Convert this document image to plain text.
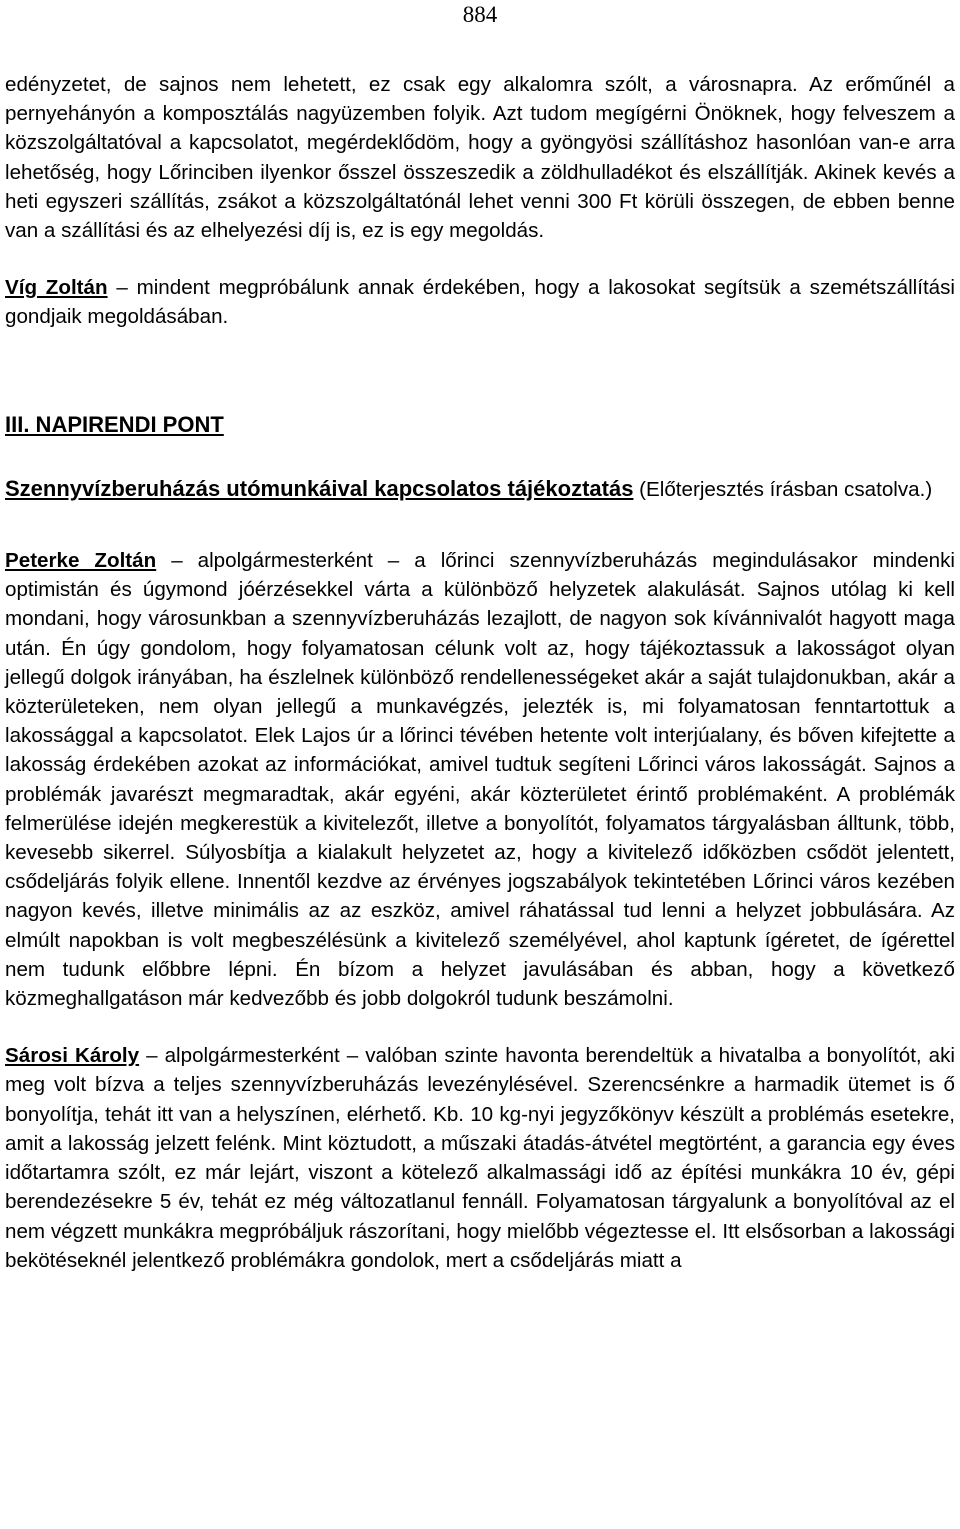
884

edényzetet, de sajnos nem lehetett, ez csak egy alkalomra szólt, a városnapra. Az erőműnél a pernyehányón a komposztálás nagyüzemben folyik. Azt tudom megígérni Önöknek, hogy felveszem a közszolgáltatóval a kapcsolatot, megérdeklődöm, hogy a gyöngyösi szállításhoz hasonlóan van-e arra lehetőség, hogy Lőrinciben ilyenkor ősszel összeszedik a zöldhulladékot és elszállítják. Akinek kevés a heti egyszeri szállítás, zsákot a közszolgáltatónál lehet venni 300 Ft körüli összegen, de ebben benne van a szállítási és az elhelyezési díj is, ez is egy megoldás.

Víg Zoltán – mindent megpróbálunk annak érdekében, hogy a lakosokat segítsük a szemétszállítási gondjaik megoldásában.

III. NAPIRENDI PONT

Szennyvízberuházás utómunkáival kapcsolatos tájékoztatás (Előterjesztés írásban csatolva.)

Peterke Zoltán – alpolgármesterként – a lőrinci szennyvízberuházás megindulásakor mindenki optimistán és úgymond jóérzésekkel várta a különböző helyzetek alakulását. Sajnos utólag ki kell mondani, hogy városunkban a szennyvízberuházás lezajlott, de nagyon sok kívánnivalót hagyott maga után. Én úgy gondolom, hogy folyamatosan célunk volt az, hogy tájékoztassuk a lakosságot olyan jellegű dolgok irányában, ha észlelnek különböző rendellenességeket akár a saját tulajdonukban, akár a közterületeken, nem olyan jellegű a munkavégzés, jelezték is, mi folyamatosan fenntartottuk a lakossággal a kapcsolatot. Elek Lajos úr a lőrinci tévében hetente volt interjúalany, és bőven kifejtette a lakosság érdekében azokat az információkat, amivel tudtuk segíteni Lőrinci város lakosságát. Sajnos a problémák javarészt megmaradtak, akár egyéni, akár közterületet érintő problémaként. A problémák felmerülése idején megkerestük a kivitelezőt, illetve a bonyolítót, folyamatos tárgyalásban álltunk, több, kevesebb sikerrel. Súlyosbítja a kialakult helyzetet az, hogy a kivitelező időközben csődöt jelentett, csődeljárás folyik ellene. Innentől kezdve az érvényes jogszabályok tekintetében Lőrinci város kezében nagyon kevés, illetve minimális az az eszköz, amivel ráhatással tud lenni a helyzet jobbulására. Az elmúlt napokban is volt megbeszélésünk a kivitelező személyével, ahol kaptunk ígéretet, de ígérettel nem tudunk előbbre lépni. Én bízom a helyzet javulásában és abban, hogy a következő közmeghallgatáson már kedvezőbb és jobb dolgokról tudunk beszámolni.

Sárosi Károly – alpolgármesterként – valóban szinte havonta berendeltük a hivatalba a bonyolítót, aki meg volt bízva a teljes szennyvízberuházás levezénylésével. Szerencsénkre a harmadik ütemet is ő bonyolítja, tehát itt van a helyszínen, elérhető. Kb. 10 kg-nyi jegyzőkönyv készült a problémás esetekre, amit a lakosság jelzett felénk. Mint köztudott, a műszaki átadás-átvétel megtörtént, a garancia egy éves időtartamra szólt, ez már lejárt, viszont a kötelező alkalmassági idő az építési munkákra 10 év, gépi berendezésekre 5 év, tehát ez még változatlanul fennáll. Folyamatosan tárgyalunk a bonyolítóval az el nem végzett munkákra megpróbáljuk rászorítani, hogy mielőbb végeztesse el. Itt elsősorban a lakossági bekötéseknél jelentkező problémákra gondolok, mert a csődeljárás miatt a
